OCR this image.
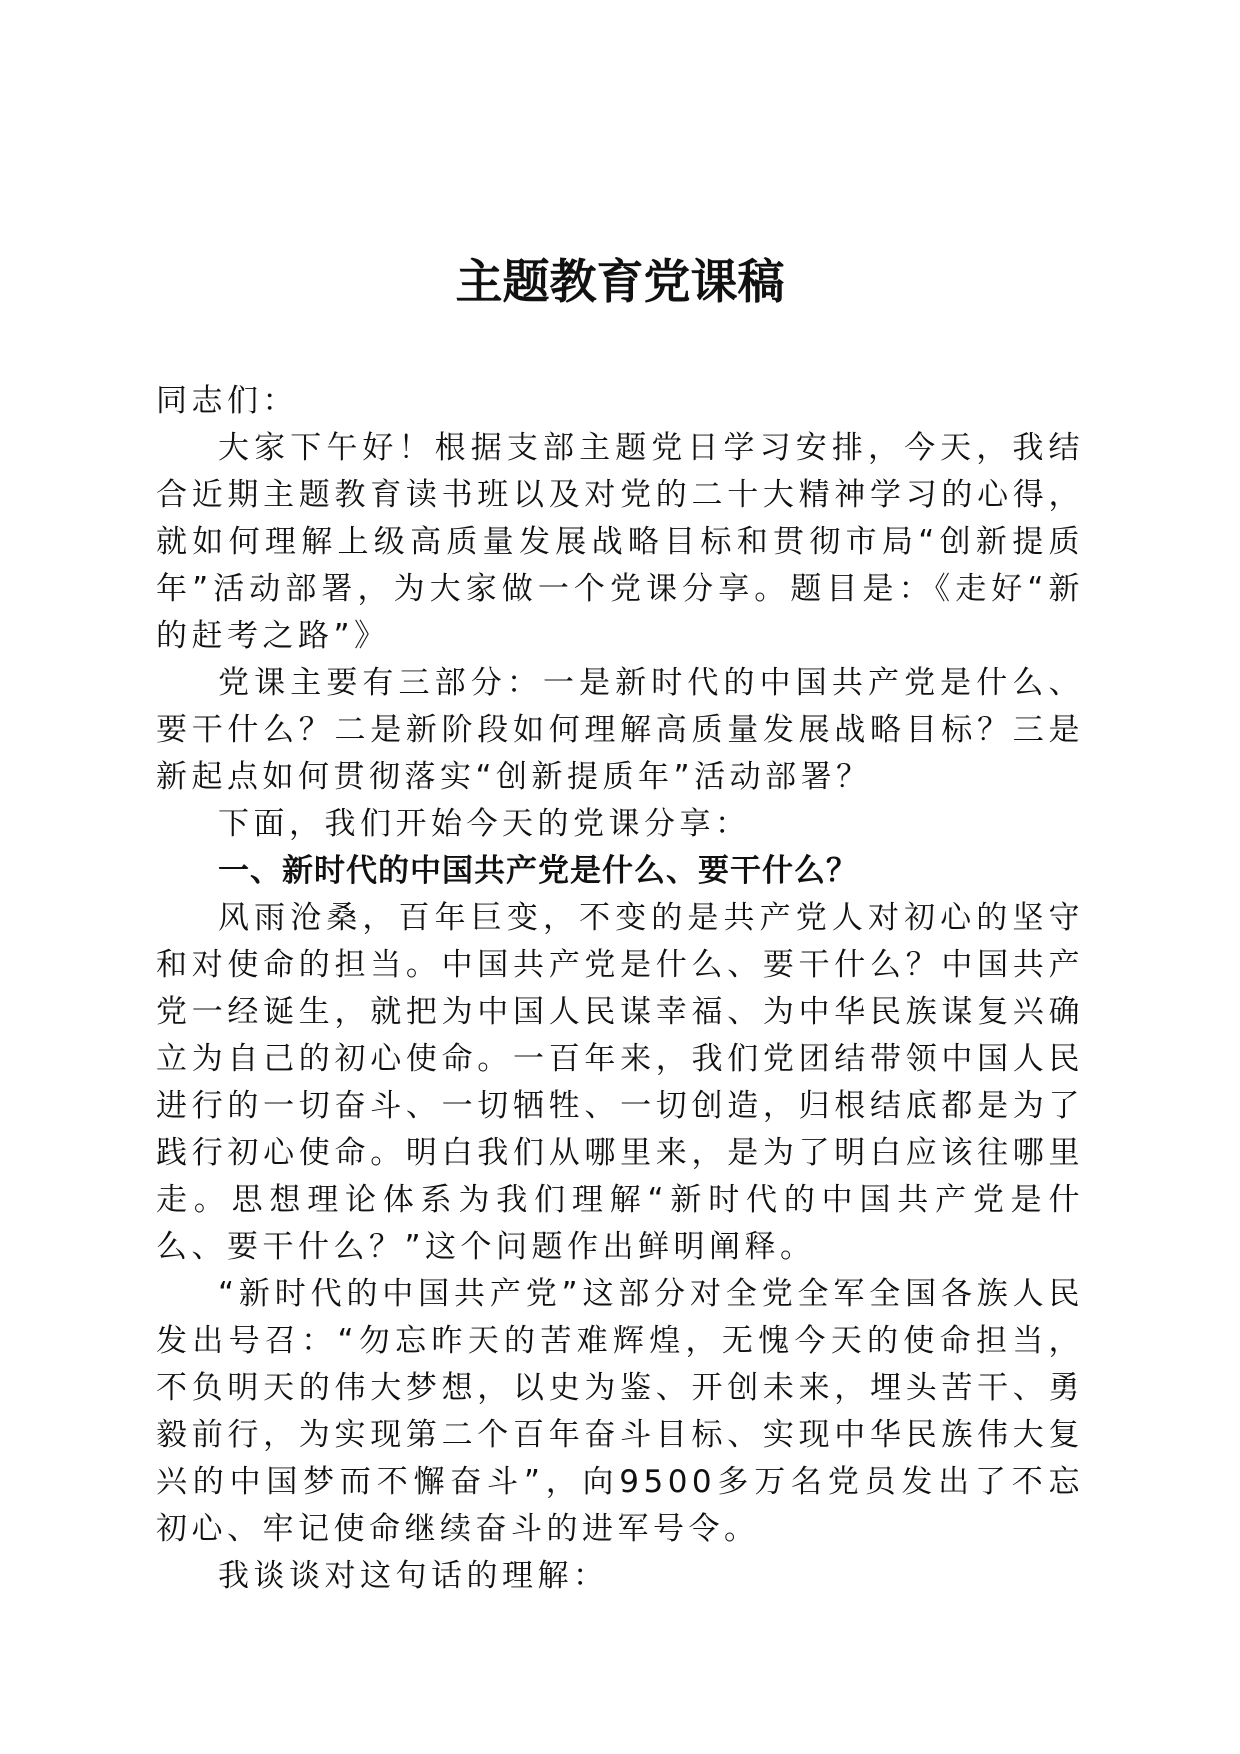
主题教育党课稿

同志们：

大家下午好！根据支部主题党日学习安排，今天，我结合近期主题教育读书班以及对党的二十大精神学习的心得，就如何理解上级高质量发展战略目标和贯彻市局“创新提质年”活动部署，为大家做一个党课分享。题目是：《走好“新的赶考之路”》

党课主要有三部分：一是新时代的中国共产党是什么、要干什么？二是新阶段如何理解高质量发展战略目标？三是新起点如何贯彻落实“创新提质年”活动部署？

下面，我们开始今天的党课分享：

一、新时代的中国共产党是什么、要干什么？

风雨沧桑，百年巨变，不变的是共产党人对初心的坚守和对使命的担当。中国共产党是什么、要干什么？中国共产党一经诞生，就把为中国人民谋幸福、为中华民族谋复兴确立为自己的初心使命。一百年来，我们党团结带领中国人民进行的一切奋斗、一切牺牲、一切创造，归根结底都是为了践行初心使命。明白我们从哪里来，是为了明白应该往哪里走。思想理论体系为我们理解“新时代的中国共产党是什么、要干什么？”这个问题作出鲜明阐释。

“新时代的中国共产党”这部分对全党全军全国各族人民发出号召：“勿忘昨天的苦难辉煌，无愧今天的使命担当，不负明天的伟大梦想，以史为鉴、开创未来，埋头苦干、勇毅前行，为实现第二个百年奋斗目标、实现中华民族伟大复兴的中国梦而不懈奋斗”，向9500多万名党员发出了不忘初心、牢记使命继续奋斗的进军号令。

我谈谈对这句话的理解：
